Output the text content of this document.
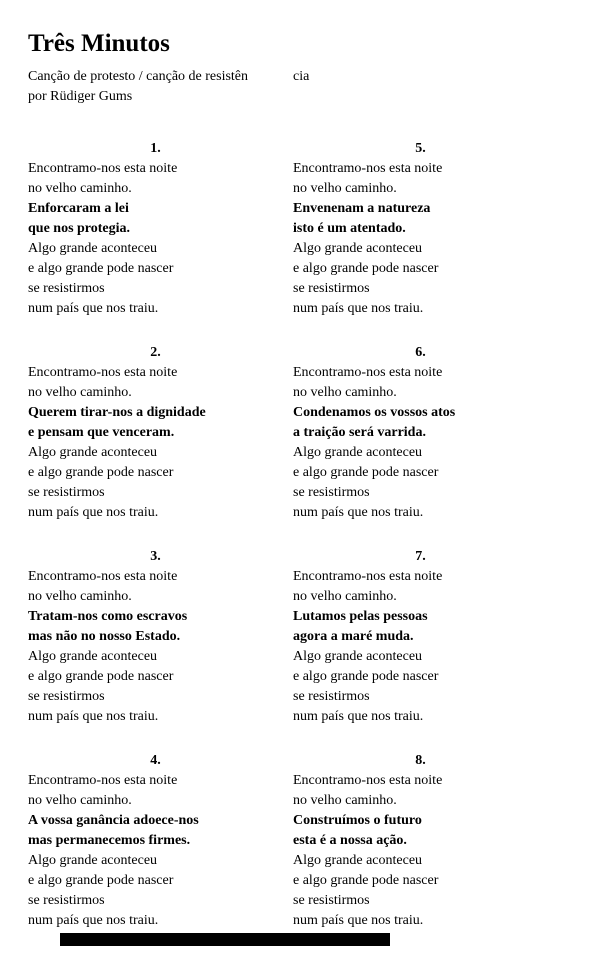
Três Minutos
Canção de protesto / canção de resistên	cia
por Rüdiger Gums
1.
Encontramo-nos esta noite
no velho caminho.
Enforcaram a lei
que nos protegia.
Algo grande aconteceu
e algo grande pode nascer
se resistirmos
num país que nos traiu.
2.
Encontramo-nos esta noite
no velho caminho.
Querem tirar-nos a dignidade
e pensam que venceram.
Algo grande aconteceu
e algo grande pode nascer
se resistirmos
num país que nos traiu.
3.
Encontramo-nos esta noite
no velho caminho.
Tratam-nos como escravos
mas não no nosso Estado.
Algo grande aconteceu
e algo grande pode nascer
se resistirmos
num país que nos traiu.
4.
Encontramo-nos esta noite
no velho caminho.
A vossa ganância adoece-nos
mas permanecemos firmes.
Algo grande aconteceu
e algo grande pode nascer
se resistirmos
num país que nos traiu.
5.
Encontramo-nos esta noite
no velho caminho.
Envenenam a natureza
isto é um atentado.
Algo grande aconteceu
e algo grande pode nascer
se resistirmos
num país que nos traiu.
6.
Encontramo-nos esta noite
no velho caminho.
Condenamos os vossos atos
a traição será varrida.
Algo grande aconteceu
e algo grande pode nascer
se resistirmos
num país que nos traiu.
7.
Encontramo-nos esta noite
no velho caminho.
Lutamos pelas pessoas
agora a maré muda.
Algo grande aconteceu
e algo grande pode nascer
se resistirmos
num país que nos traiu.
8.
Encontramo-nos esta noite
no velho caminho.
Construímos o futuro
esta é a nossa ação.
Algo grande aconteceu
e algo grande pode nascer
se resistirmos
num país que nos traiu.
